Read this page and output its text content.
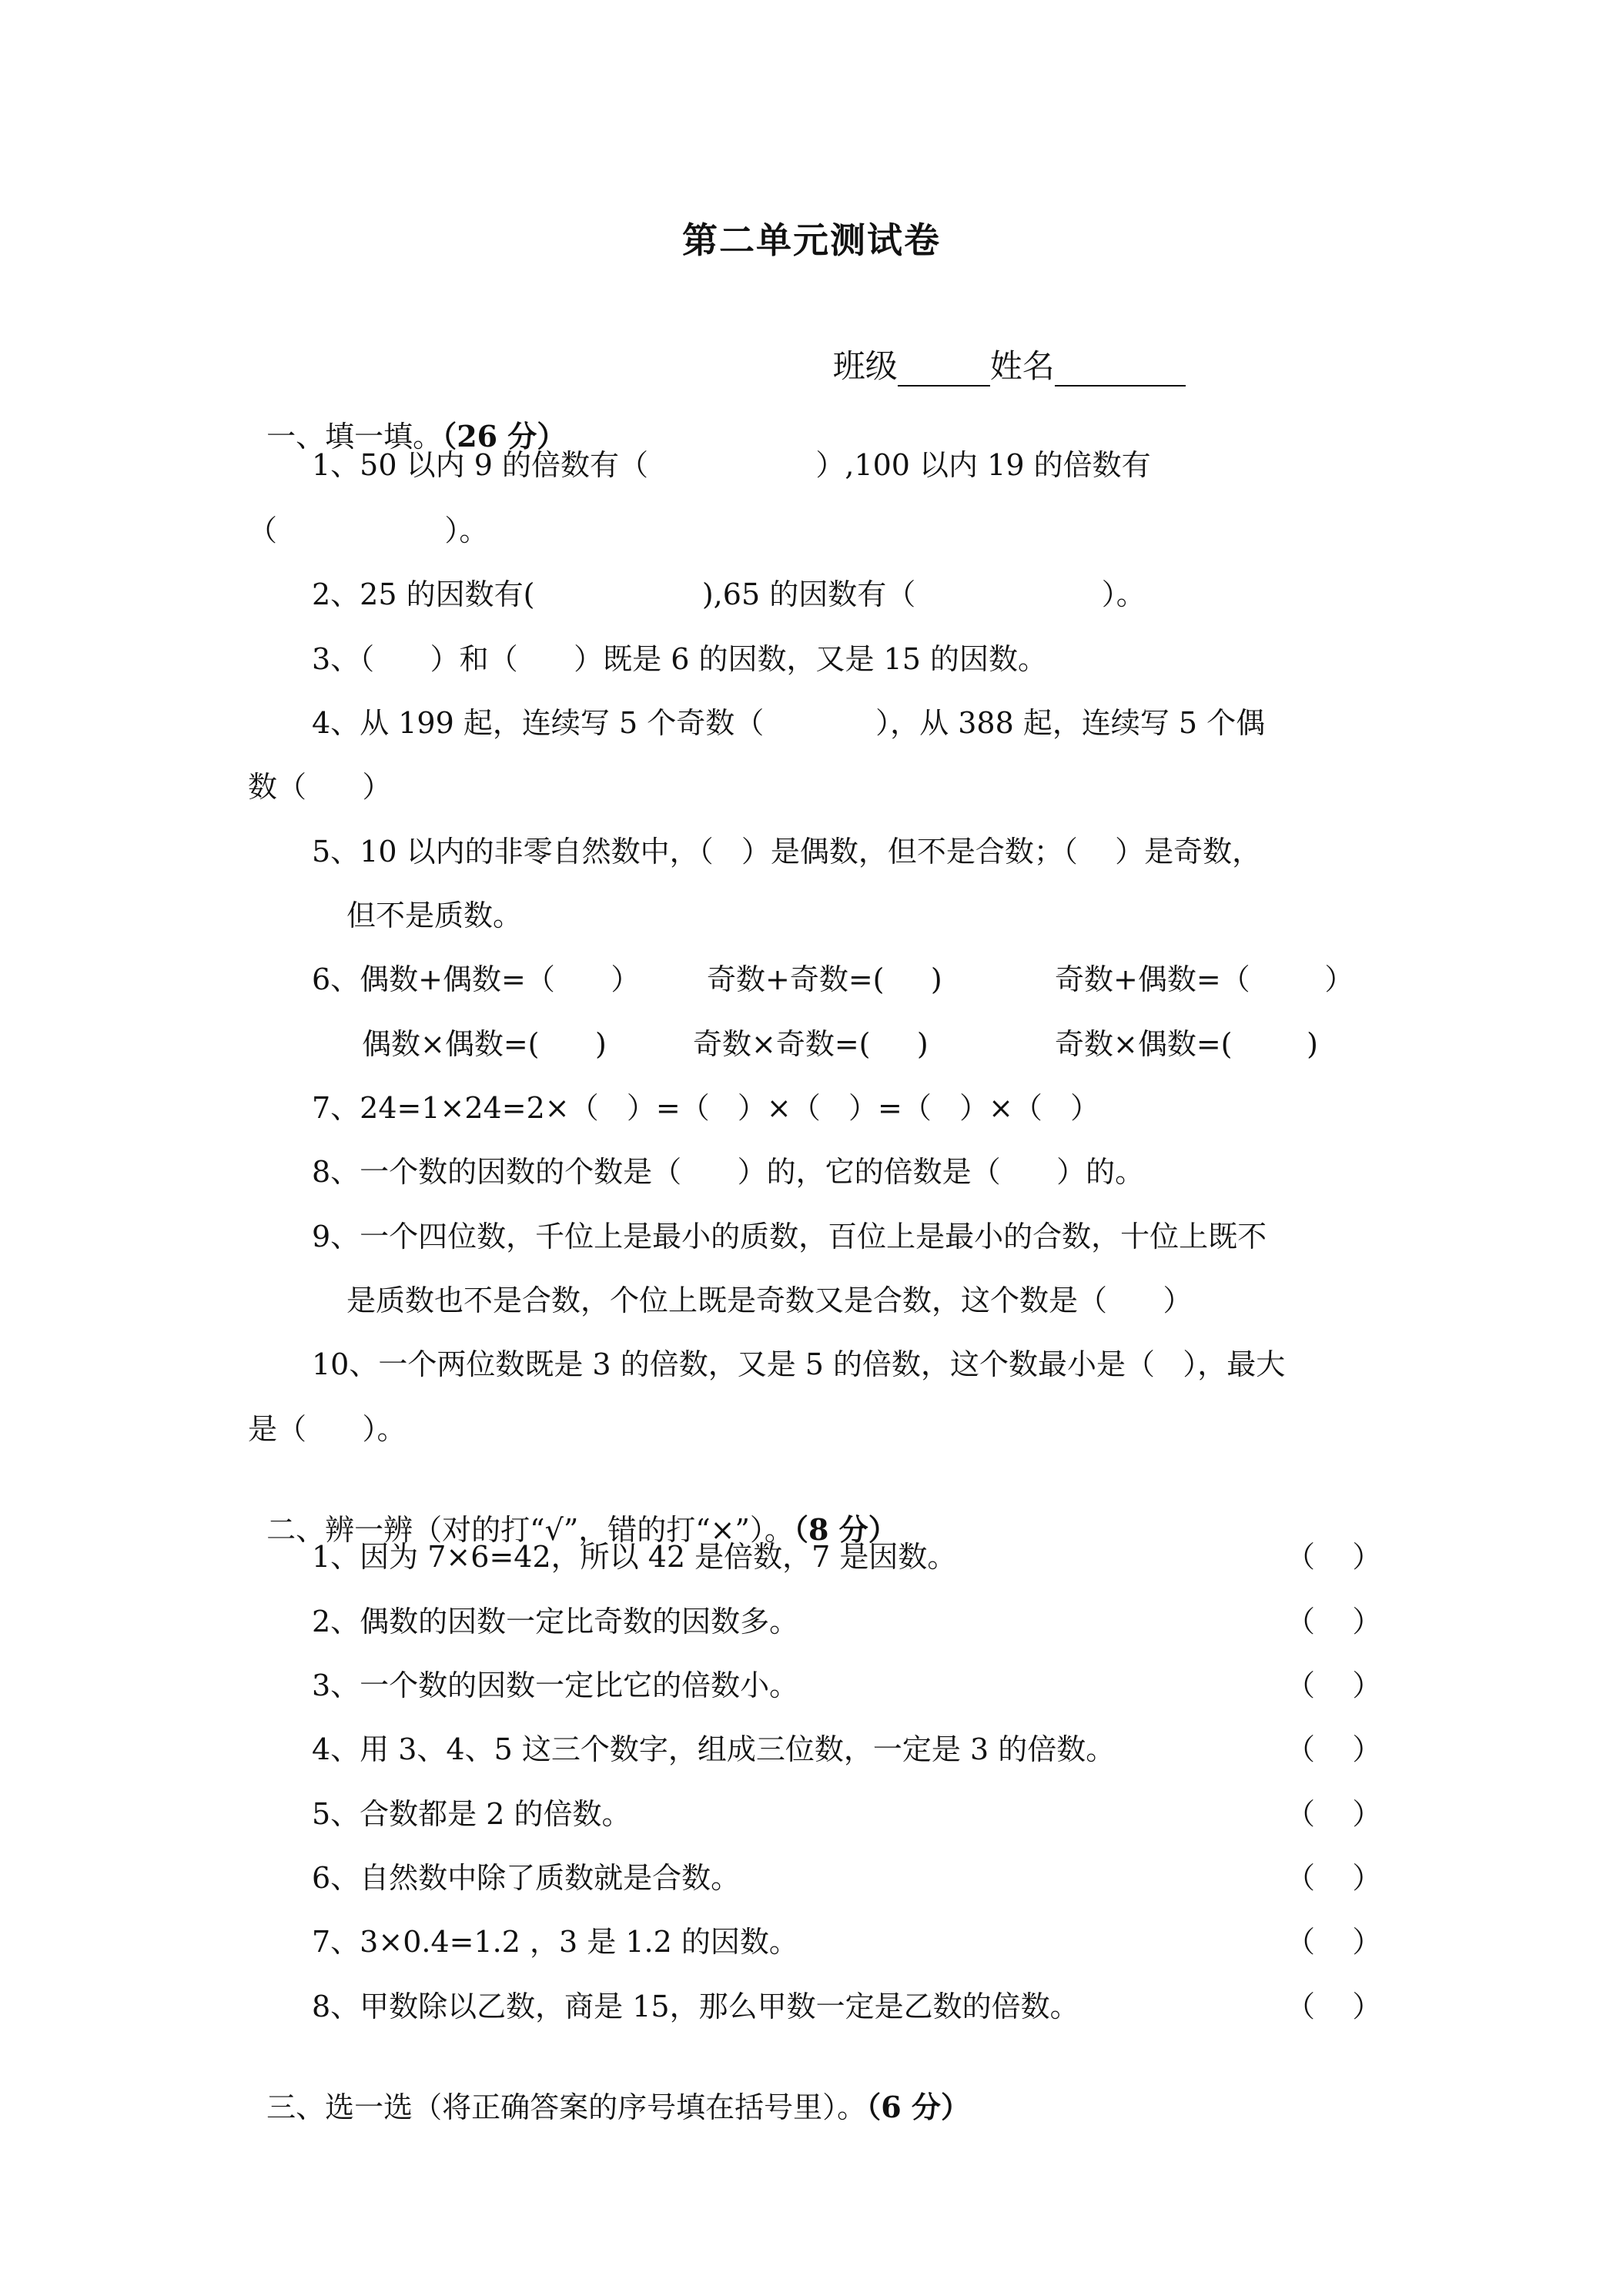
第二单元测试卷

班级	姓名

一、填一填。（26 分）

1、50 以内 9 的倍数有（                  ）,100 以内 19 的倍数有
（                  ）。
2、25 的因数有(                  ),65 的因数有（                    ）。
3、（      ）和（      ）既是 6 的因数，又是 15 的因数。
4、从 199 起，连续写 5 个奇数（            ），从 388 起，连续写 5 个偶
数（      ）
5、10 以内的非零自然数中，（   ）是偶数，但不是合数；（    ）是奇数，
但不是质数。
6、偶数+偶数=（      ） 奇数+奇数=(     )	奇数+偶数=（        ）
偶数×偶数=(      )	奇数×奇数=(     )	奇数×偶数=(        )
7、24=1×24=2×（   ）=（   ）×（   ）=（   ）×（   ）
8、一个数的因数的个数是（      ）的，它的倍数是（      ）的。
9、一个四位数，千位上是最小的质数，百位上是最小的合数，十位上既不
是质数也不是合数，个位上既是奇数又是合数，这个数是（      ）
10、一个两位数既是 3 的倍数，又是 5 的倍数，这个数最小是（   ），最大
是（      ）。

二、辨一辨（对的打“√”，错的打“×”）。（8 分）

1、因为 7×6=42，所以 42 是倍数，7 是因数。	（    ）
2、偶数的因数一定比奇数的因数多。	（    ）
3、一个数的因数一定比它的倍数小。	（    ）
4、用 3、4、5 这三个数字，组成三位数，一定是 3 的倍数。	（    ）
5、合数都是 2 的倍数。	（    ）
6、自然数中除了质数就是合数。	（    ）
7、3×0.4=1.2 ，3 是 1.2 的因数。	（    ）
8、甲数除以乙数，商是 15，那么甲数一定是乙数的倍数。	（    ）

三、选一选（将正确答案的序号填在括号里）。（6 分）
